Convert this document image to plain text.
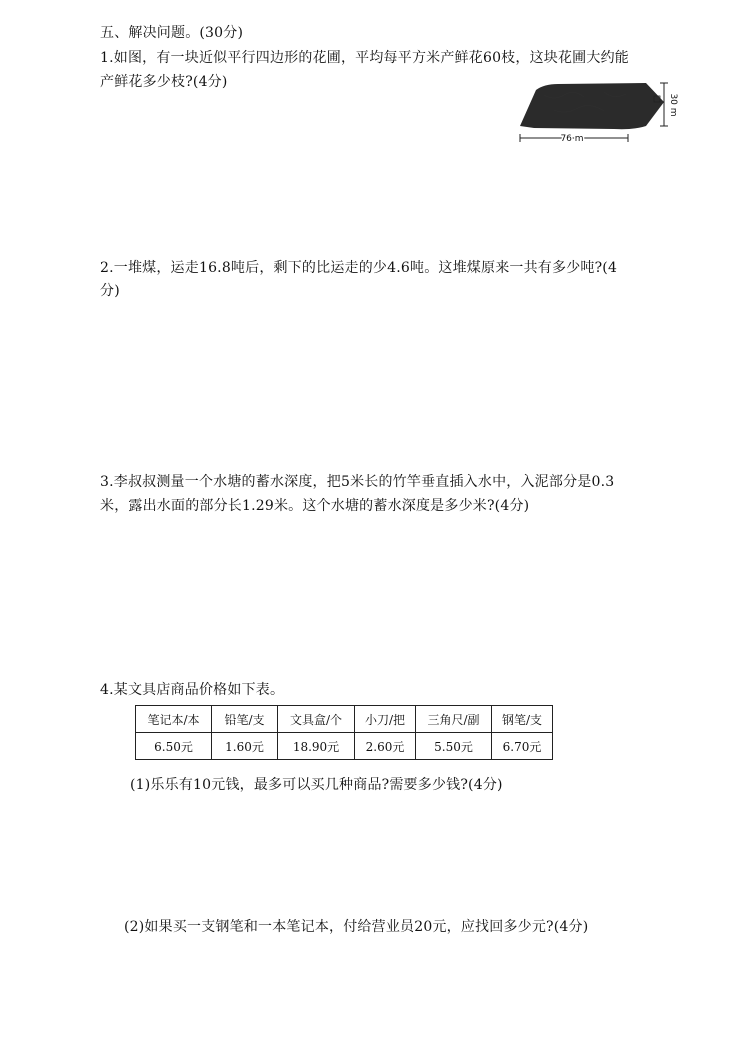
五、解决问题。(30分)
1.如图，有一块近似平行四边形的花圃，平均每平方米产鲜花60枝，这块花圃大约能
产鲜花多少枝?(4分)
30 m
76 m
2.一堆煤，运走16.8吨后，剩下的比运走的少4.6吨。这堆煤原来一共有多少吨?(4
分)
3.李叔叔测量一个水塘的蓄水深度，把5米长的竹竿垂直插入水中，入泥部分是0.3
米，露出水面的部分长1.29米。这个水塘的蓄水深度是多少米?(4分)
4.某文具店商品价格如下表。
笔记本/本	铅笔/支	文具盒/个	小刀/把	三角尺/副	钢笔/支
6.50元	1.60元	18.90元	2.60元	5.50元	6.70元
(1)乐乐有10元钱，最多可以买几种商品?需要多少钱?(4分)
(2)如果买一支钢笔和一本笔记本，付给营业员20元，应找回多少元?(4分)
